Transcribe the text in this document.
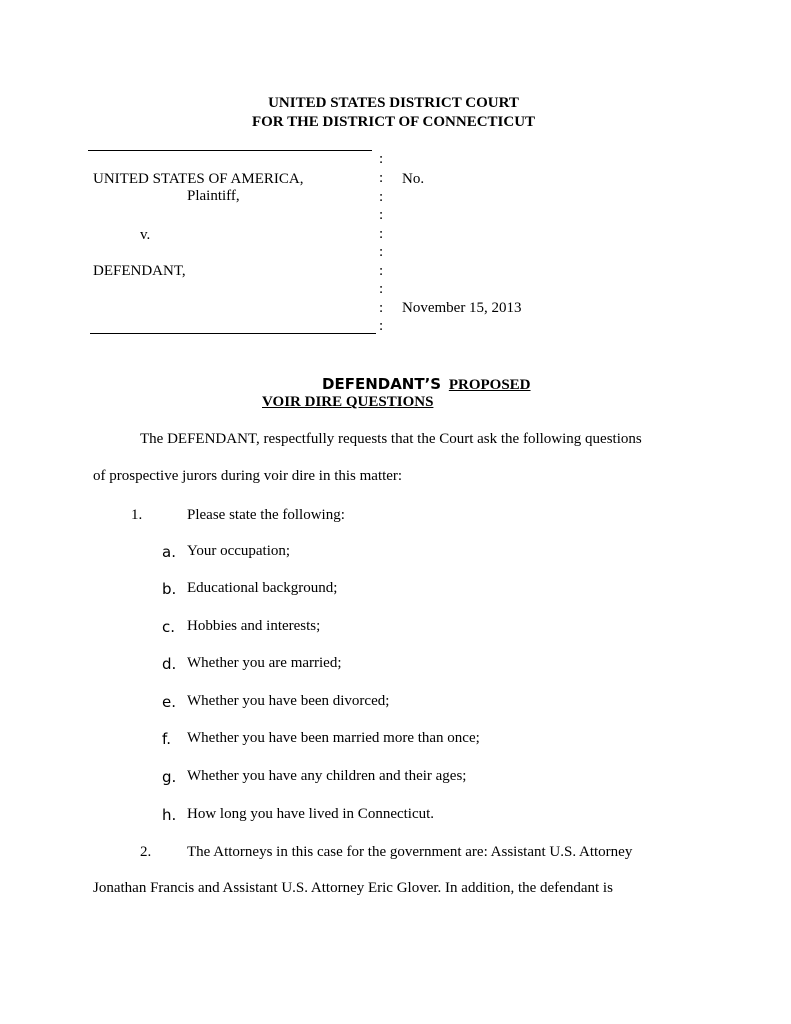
UNITED STATES DISTRICT COURT
FOR THE DISTRICT OF CONNECTICUT
:
:
:
:
:
:
:
:
:
:
UNITED STATES OF AMERICA,
Plaintiff,
v.
DEFENDANT,
No.
November 15, 2013
DEFENDANT’S PROPOSED
VOIR DIRE QUESTIONS
The DEFENDANT, respectfully requests that the Court ask the following questions
of prospective jurors during voir dire in this matter:
1.	Please state the following:
a. Your occupation;
b. Educational background;
c. Hobbies and interests;
d. Whether you are married;
e. Whether you have been divorced;
f. Whether you have been married more than once;
g. Whether you have any children and their ages;
h. How long you have lived in Connecticut.
2. The Attorneys in this case for the government are: Assistant U.S. Attorney
Jonathan Francis and Assistant U.S. Attorney Eric Glover. In addition, the defendant is
